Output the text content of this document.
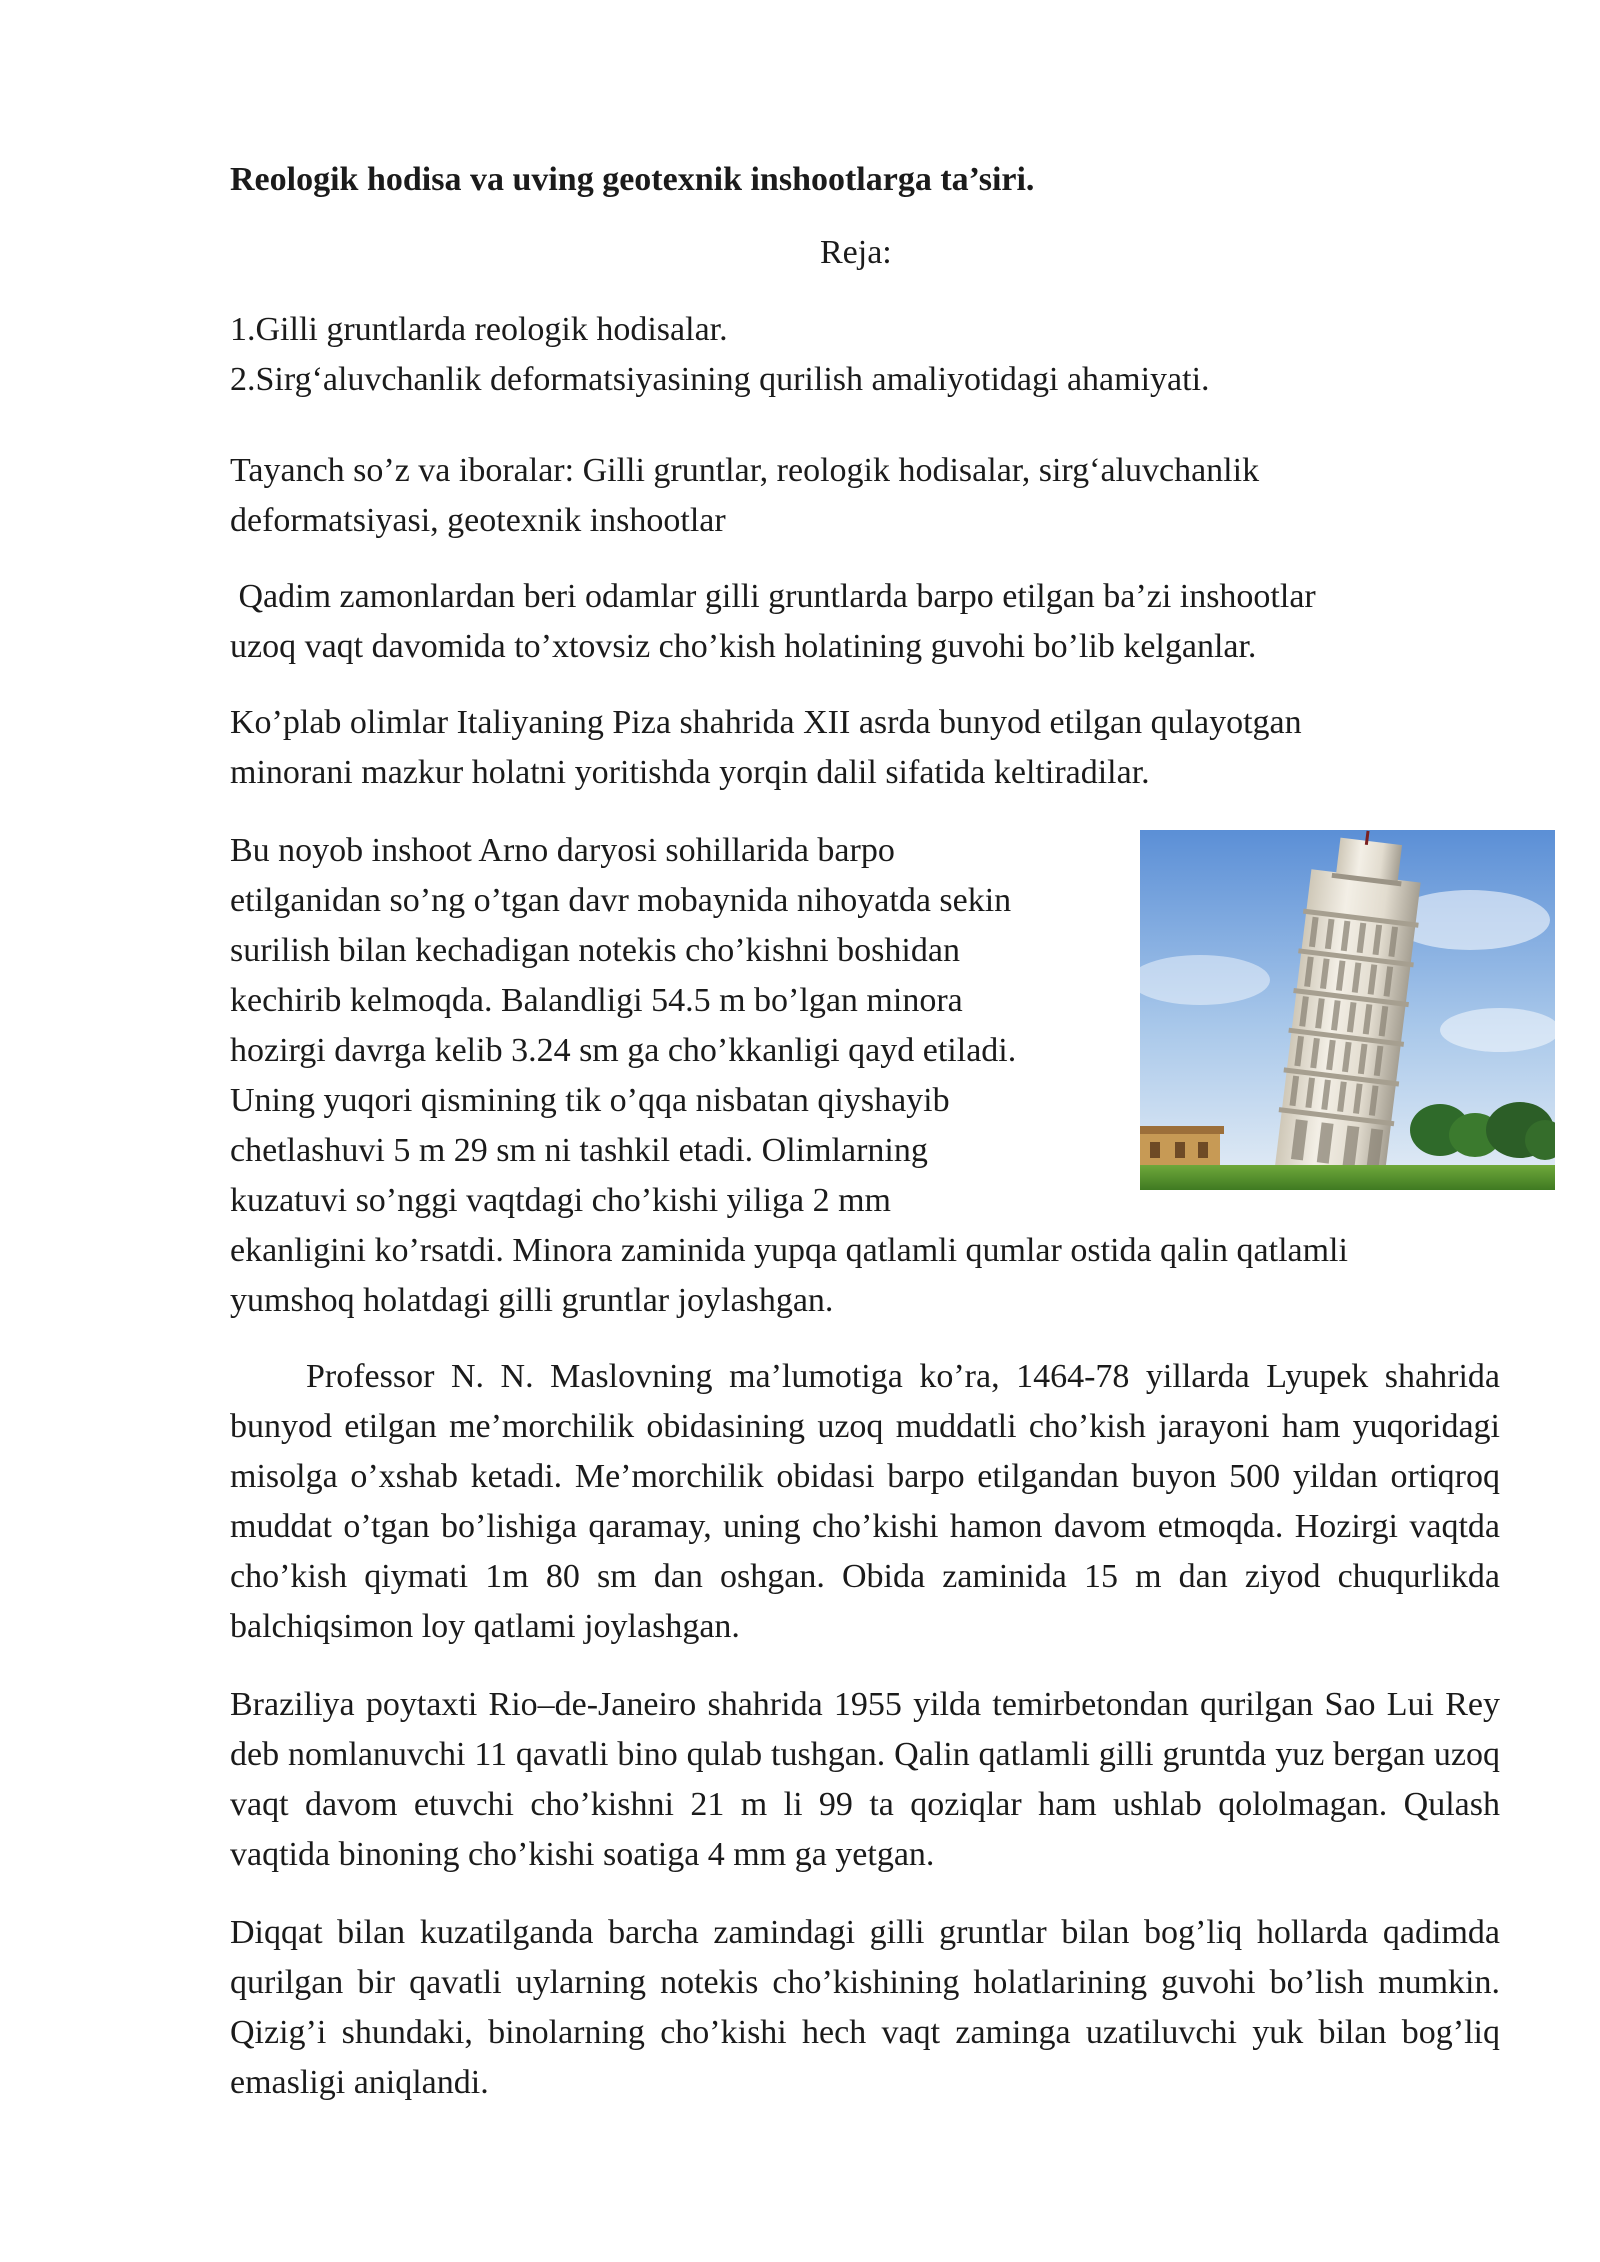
Reologik hodisa va uving geotexnik inshootlarga ta’siri.

Reja:

1.Gilli gruntlarda reologik hodisalar.
2.Sirg‘aluvchanlik deformatsiyasining qurilish amaliyotidagi ahamiyati.
Tayanch so’z va iboralar: Gilli gruntlar, reologik hodisalar, sirg‘aluvchanlik
deformatsiyasi, geotexnik inshootlar
Qadim zamonlardan beri odamlar gilli gruntlarda barpo etilgan ba’zi inshootlar
uzoq vaqt davomida to’xtovsiz cho’kish holatining guvohi bo’lib kelganlar.
Ko’plab olimlar Italiyaning Piza shahrida XII asrda bunyod etilgan qulayotgan
minorani mazkur holatni yoritishda yorqin dalil sifatida keltiradilar.
Bu noyob inshoot Arno daryosi sohillarida barpo
etilganidan so’ng o’tgan davr mobaynida nihoyatda sekin
surilish bilan kechadigan notekis cho’kishni boshidan
kechirib kelmoqda. Balandligi 54.5 m bo’lgan minora
hozirgi davrga kelib 3.24 sm ga cho’kkanligi qayd etiladi.
Uning yuqori qismining tik o’qqa nisbatan qiyshayib
chetlashuvi 5 m 29 sm ni tashkil etadi. Olimlarning
kuzatuvi so’nggi vaqtdagi cho’kishi yiliga 2 mm
ekanligini ko’rsatdi. Minora zaminida yupqa qatlamli qumlar ostida qalin qatlamli
yumshoq holatdagi gilli gruntlar joylashgan.

Professor N. N. Maslovning ma’lumotiga ko’ra, 1464-78 yillarda Lyupek shahrida bunyod etilgan me’morchilik obidasining uzoq muddatli cho’kish jarayoni ham yuqoridagi misolga o’xshab ketadi. Me’morchilik obidasi barpo etilgandan buyon 500 yildan ortiqroq muddat o’tgan bo’lishiga qaramay, uning cho’kishi hamon davom etmoqda. Hozirgi vaqtda cho’kish qiymati 1m 80 sm dan oshgan. Obida zaminida 15 m dan ziyod chuqurlikda balchiqsimon loy qatlami joylashgan.

Braziliya poytaxti Rio–de-Janeiro shahrida 1955 yilda temirbetondan qurilgan Sao Lui Rey deb nomlanuvchi 11 qavatli bino qulab tushgan. Qalin qatlamli gilli gruntda yuz bergan uzoq vaqt davom etuvchi cho’kishni 21 m li 99 ta qoziqlar ham ushlab qololmagan. Qulash vaqtida binoning cho’kishi soatiga 4 mm ga yetgan.

Diqqat bilan kuzatilganda barcha zamindagi gilli gruntlar bilan bog’liq hollarda qadimda qurilgan bir qavatli uylarning notekis cho’kishining holatlarining guvohi bo’lish mumkin. Qizig’i shundaki, binolarning cho’kishi hech vaqt zaminga uzatiluvchi yuk bilan bog’liq emasligi aniqlandi.
